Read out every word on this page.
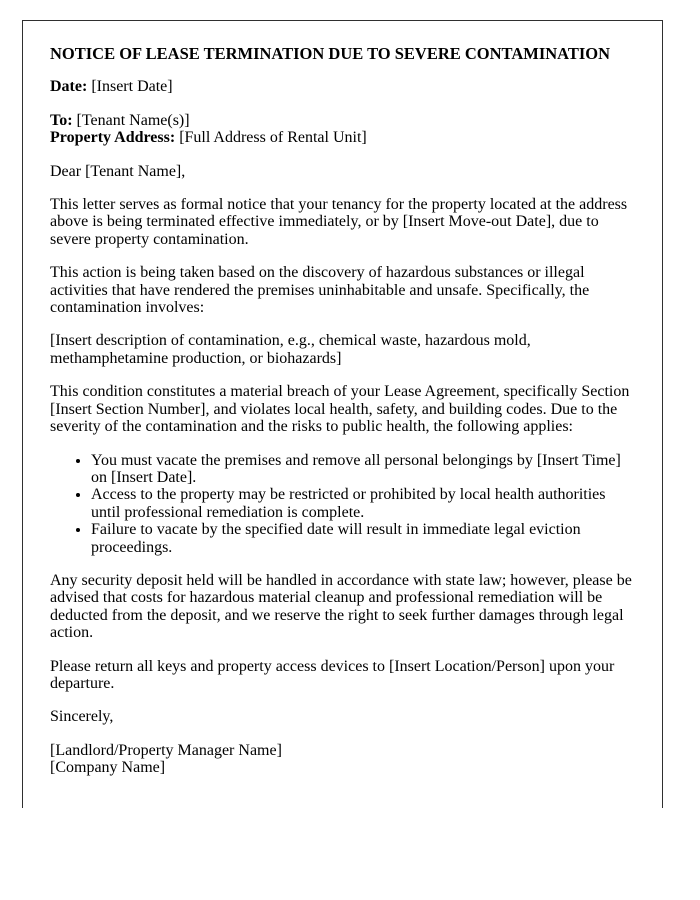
NOTICE OF LEASE TERMINATION DUE TO SEVERE CONTAMINATION
Date: [Insert Date]
To: [Tenant Name(s)]
Property Address: [Full Address of Rental Unit]
Dear [Tenant Name],
This letter serves as formal notice that your tenancy for the property located at the address above is being terminated effective immediately, or by [Insert Move-out Date], due to severe property contamination.
This action is being taken based on the discovery of hazardous substances or illegal activities that have rendered the premises uninhabitable and unsafe. Specifically, the contamination involves:
[Insert description of contamination, e.g., chemical waste, hazardous mold, methamphetamine production, or biohazards]
This condition constitutes a material breach of your Lease Agreement, specifically Section [Insert Section Number], and violates local health, safety, and building codes. Due to the severity of the contamination and the risks to public health, the following applies:
• You must vacate the premises and remove all personal belongings by [Insert Time] on [Insert Date].
• Access to the property may be restricted or prohibited by local health authorities until professional remediation is complete.
• Failure to vacate by the specified date will result in immediate legal eviction proceedings.
Any security deposit held will be handled in accordance with state law; however, please be advised that costs for hazardous material cleanup and professional remediation will be deducted from the deposit, and we reserve the right to seek further damages through legal action.
Please return all keys and property access devices to [Insert Location/Person] upon your departure.
Sincerely,
[Landlord/Property Manager Name]
[Company Name]
